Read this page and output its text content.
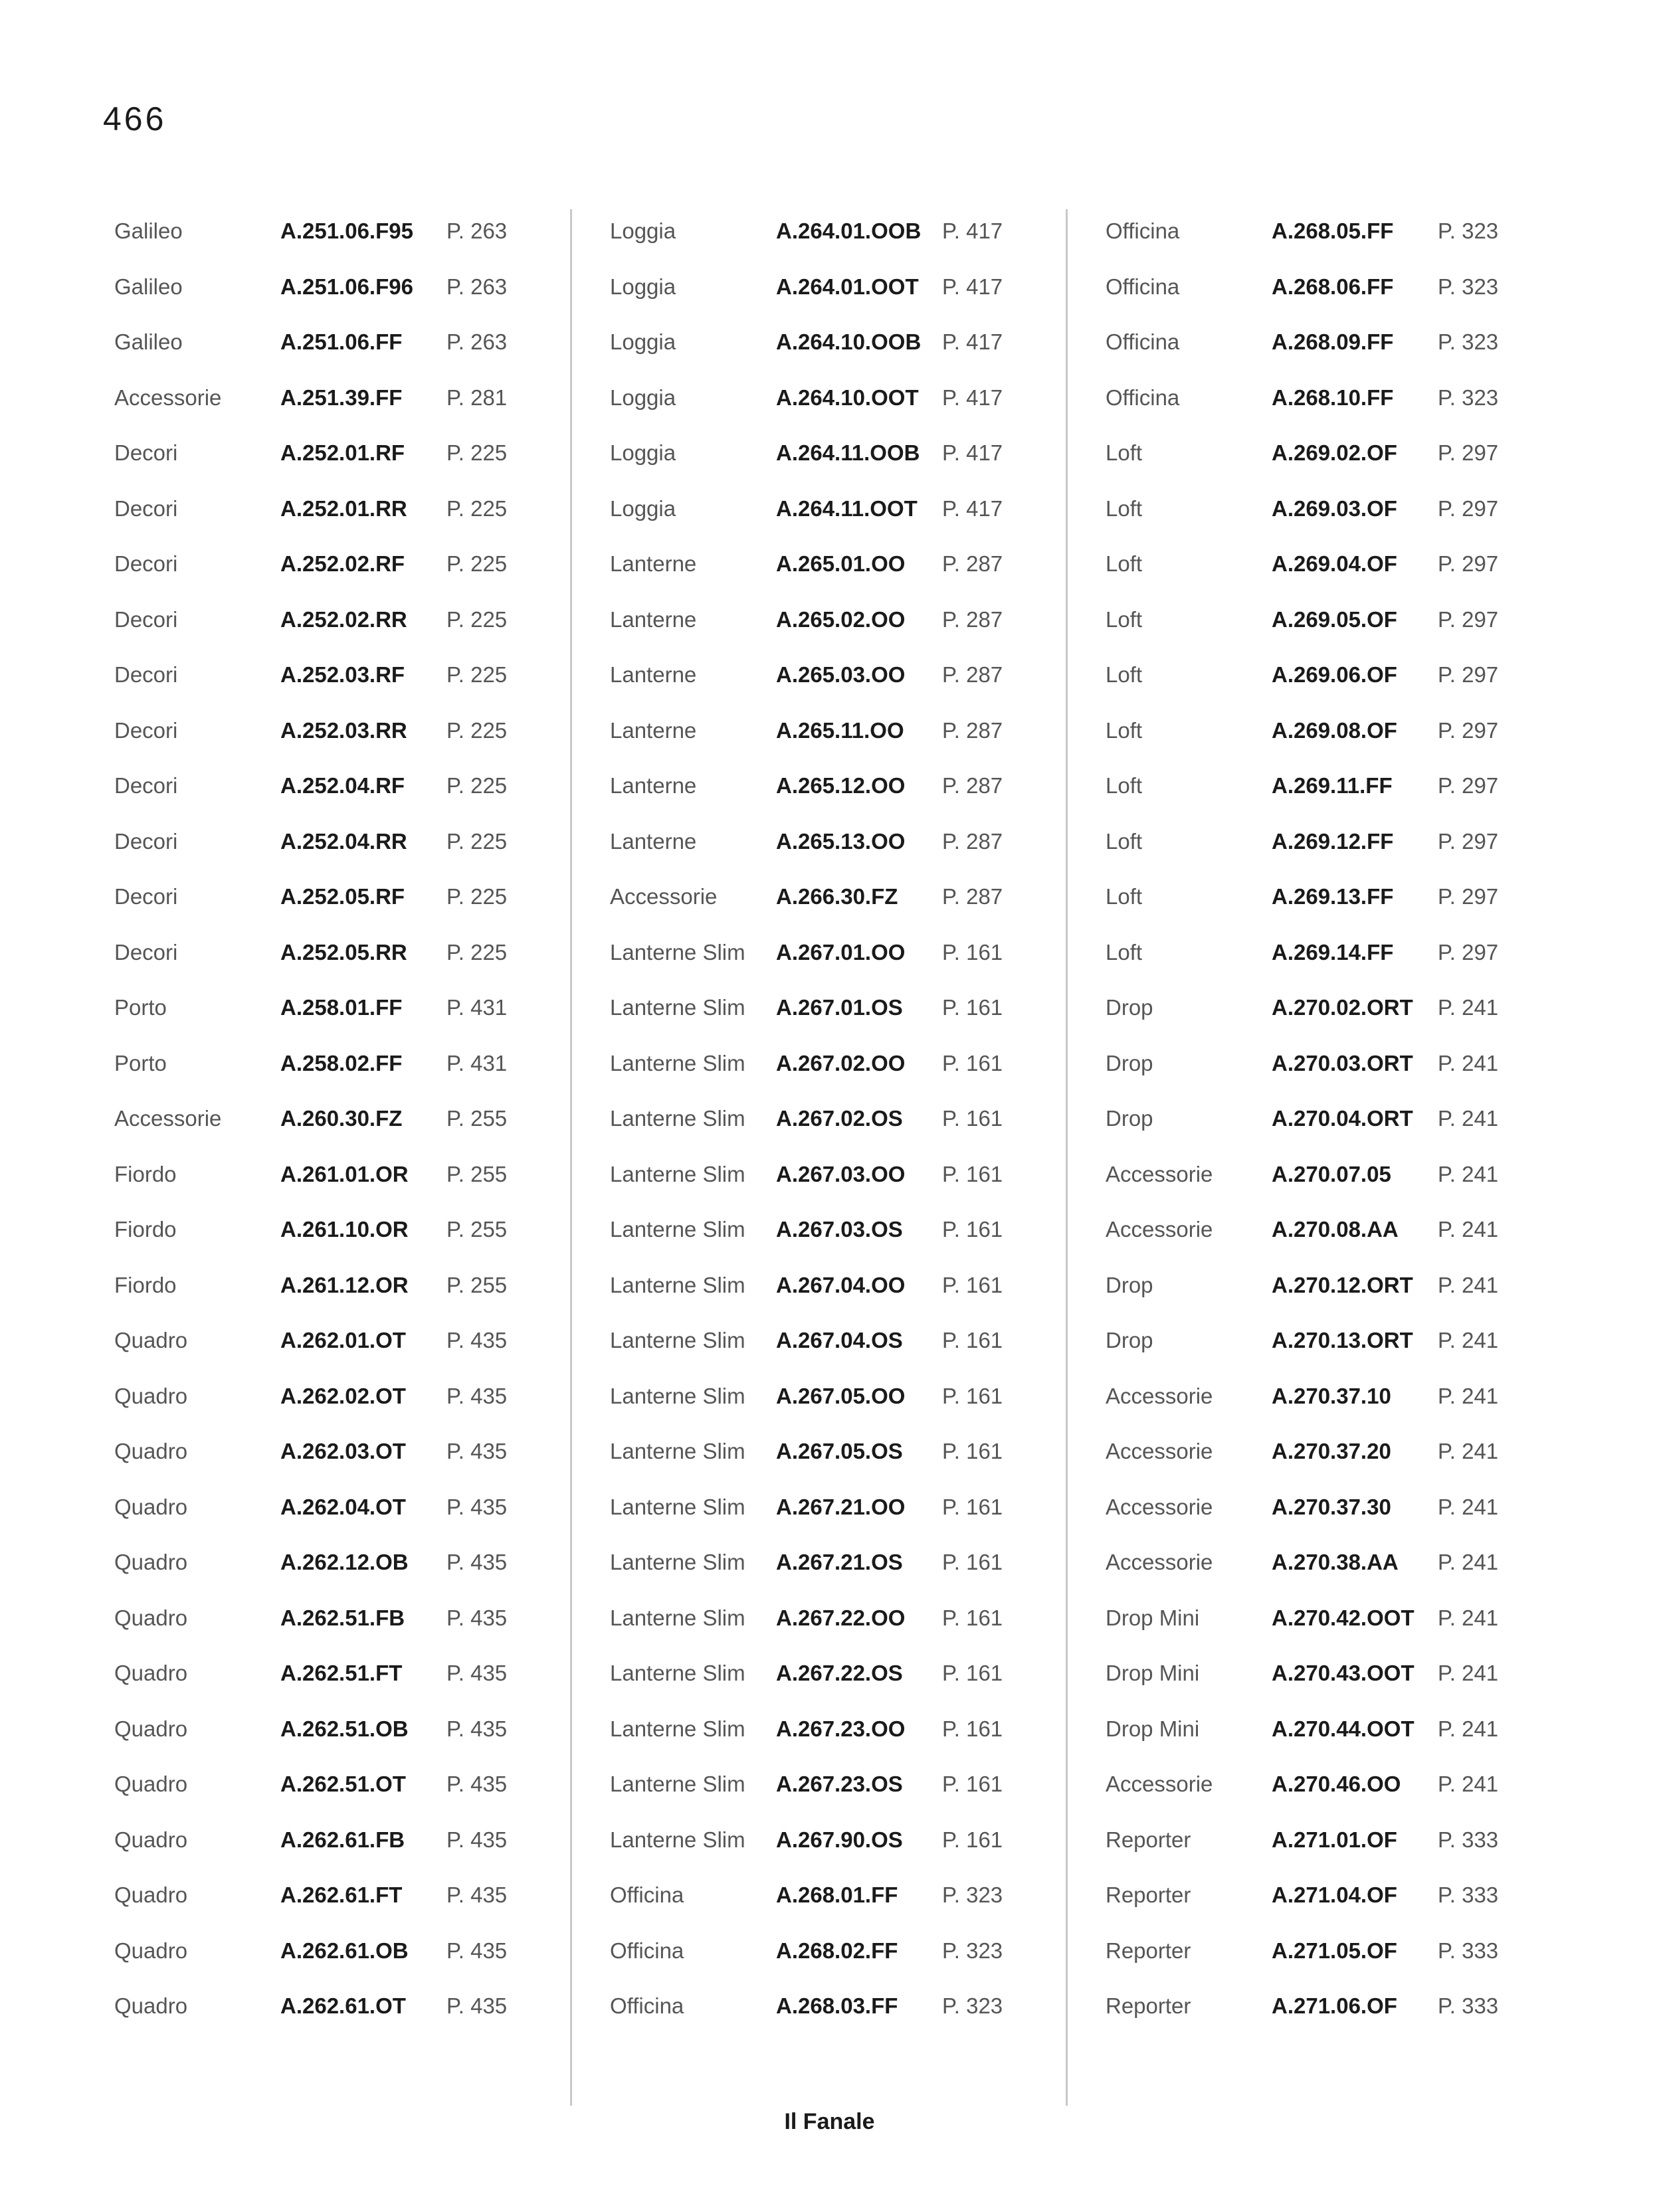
466
Galileo	A.251.06.F95 P. 263
Galileo	A.251.06.F96 P. 263
Galileo	A.251.06.FF P. 263
Accessorie	A.251.39.FF P. 281
Decori	A.252.01.RF P. 225
Decori	A.252.01.RR P. 225
Decori	A.252.02.RF P. 225
Decori	A.252.02.RR P. 225
Decori	A.252.03.RF P. 225
Decori	A.252.03.RR P. 225
Decori	A.252.04.RF P. 225
Decori	A.252.04.RR P. 225
Decori	A.252.05.RF P. 225
Decori	A.252.05.RR P. 225
Porto	A.258.01.FF P. 431
Porto	A.258.02.FF P. 431
Accessorie	A.260.30.FZ P. 255
Fiordo	A.261.01.OR P. 255
Fiordo	A.261.10.OR P. 255
Fiordo	A.261.12.OR P. 255
Quadro	A.262.01.OT P. 435
Quadro	A.262.02.OT P. 435
Quadro	A.262.03.OT P. 435
Quadro	A.262.04.OT P. 435
Quadro	A.262.12.OB P. 435
Quadro	A.262.51.FB P. 435
Quadro	A.262.51.FT P. 435
Quadro	A.262.51.OB P. 435
Quadro	A.262.51.OT P. 435
Quadro	A.262.61.FB P. 435
Quadro	A.262.61.FT P. 435
Quadro	A.262.61.OB P. 435
Quadro	A.262.61.OT P. 435
Loggia	A.264.01.OOB P. 417
Loggia	A.264.01.OOT P. 417
Loggia	A.264.10.OOB P. 417
Loggia	A.264.10.OOT P. 417
Loggia	A.264.11.OOB P. 417
Loggia	A.264.11.OOT P. 417
Lanterne	A.265.01.OO P. 287
Lanterne	A.265.02.OO P. 287
Lanterne	A.265.03.OO P. 287
Lanterne	A.265.11.OO P. 287
Lanterne	A.265.12.OO P. 287
Lanterne	A.265.13.OO P. 287
Accessorie	A.266.30.FZ P. 287
Lanterne Slim A.267.01.OO P. 161
Lanterne Slim A.267.01.OS P. 161
Lanterne Slim A.267.02.OO P. 161
Lanterne Slim A.267.02.OS P. 161
Lanterne Slim A.267.03.OO P. 161
Lanterne Slim A.267.03.OS P. 161
Lanterne Slim A.267.04.OO P. 161
Lanterne Slim A.267.04.OS P. 161
Lanterne Slim A.267.05.OO P. 161
Lanterne Slim A.267.05.OS P. 161
Lanterne Slim A.267.21.OO P. 161
Lanterne Slim A.267.21.OS P. 161
Lanterne Slim A.267.22.OO P. 161
Lanterne Slim A.267.22.OS P. 161
Lanterne Slim A.267.23.OO P. 161
Lanterne Slim A.267.23.OS P. 161
Lanterne Slim A.267.90.OS P. 161
Officina	A.268.01.FF P. 323
Officina	A.268.02.FF P. 323
Officina	A.268.03.FF P. 323
Officina	A.268.05.FF P. 323
Officina	A.268.06.FF P. 323
Officina	A.268.09.FF P. 323
Officina	A.268.10.FF P. 323
Loft	A.269.02.OF P. 297
Loft	A.269.03.OF P. 297
Loft	A.269.04.OF P. 297
Loft	A.269.05.OF P. 297
Loft	A.269.06.OF P. 297
Loft	A.269.08.OF P. 297
Loft	A.269.11.FF P. 297
Loft	A.269.12.FF P. 297
Loft	A.269.13.FF P. 297
Loft	A.269.14.FF P. 297
Drop	A.270.02.ORT P. 241
Drop	A.270.03.ORT P. 241
Drop	A.270.04.ORT P. 241
Accessorie	A.270.07.05 P. 241
Accessorie	A.270.08.AA P. 241
Drop	A.270.12.ORT P. 241
Drop	A.270.13.ORT P. 241
Accessorie	A.270.37.10 P. 241
Accessorie	A.270.37.20 P. 241
Accessorie	A.270.37.30 P. 241
Accessorie	A.270.38.AA P. 241
Drop Mini	A.270.42.OOT P. 241
Drop Mini	A.270.43.OOT P. 241
Drop Mini	A.270.44.OOT P. 241
Accessorie	A.270.46.OO P. 241
Reporter	A.271.01.OF P. 333
Reporter	A.271.04.OF P. 333
Reporter	A.271.05.OF P. 333
Reporter	A.271.06.OF P. 333
Il Fanale
